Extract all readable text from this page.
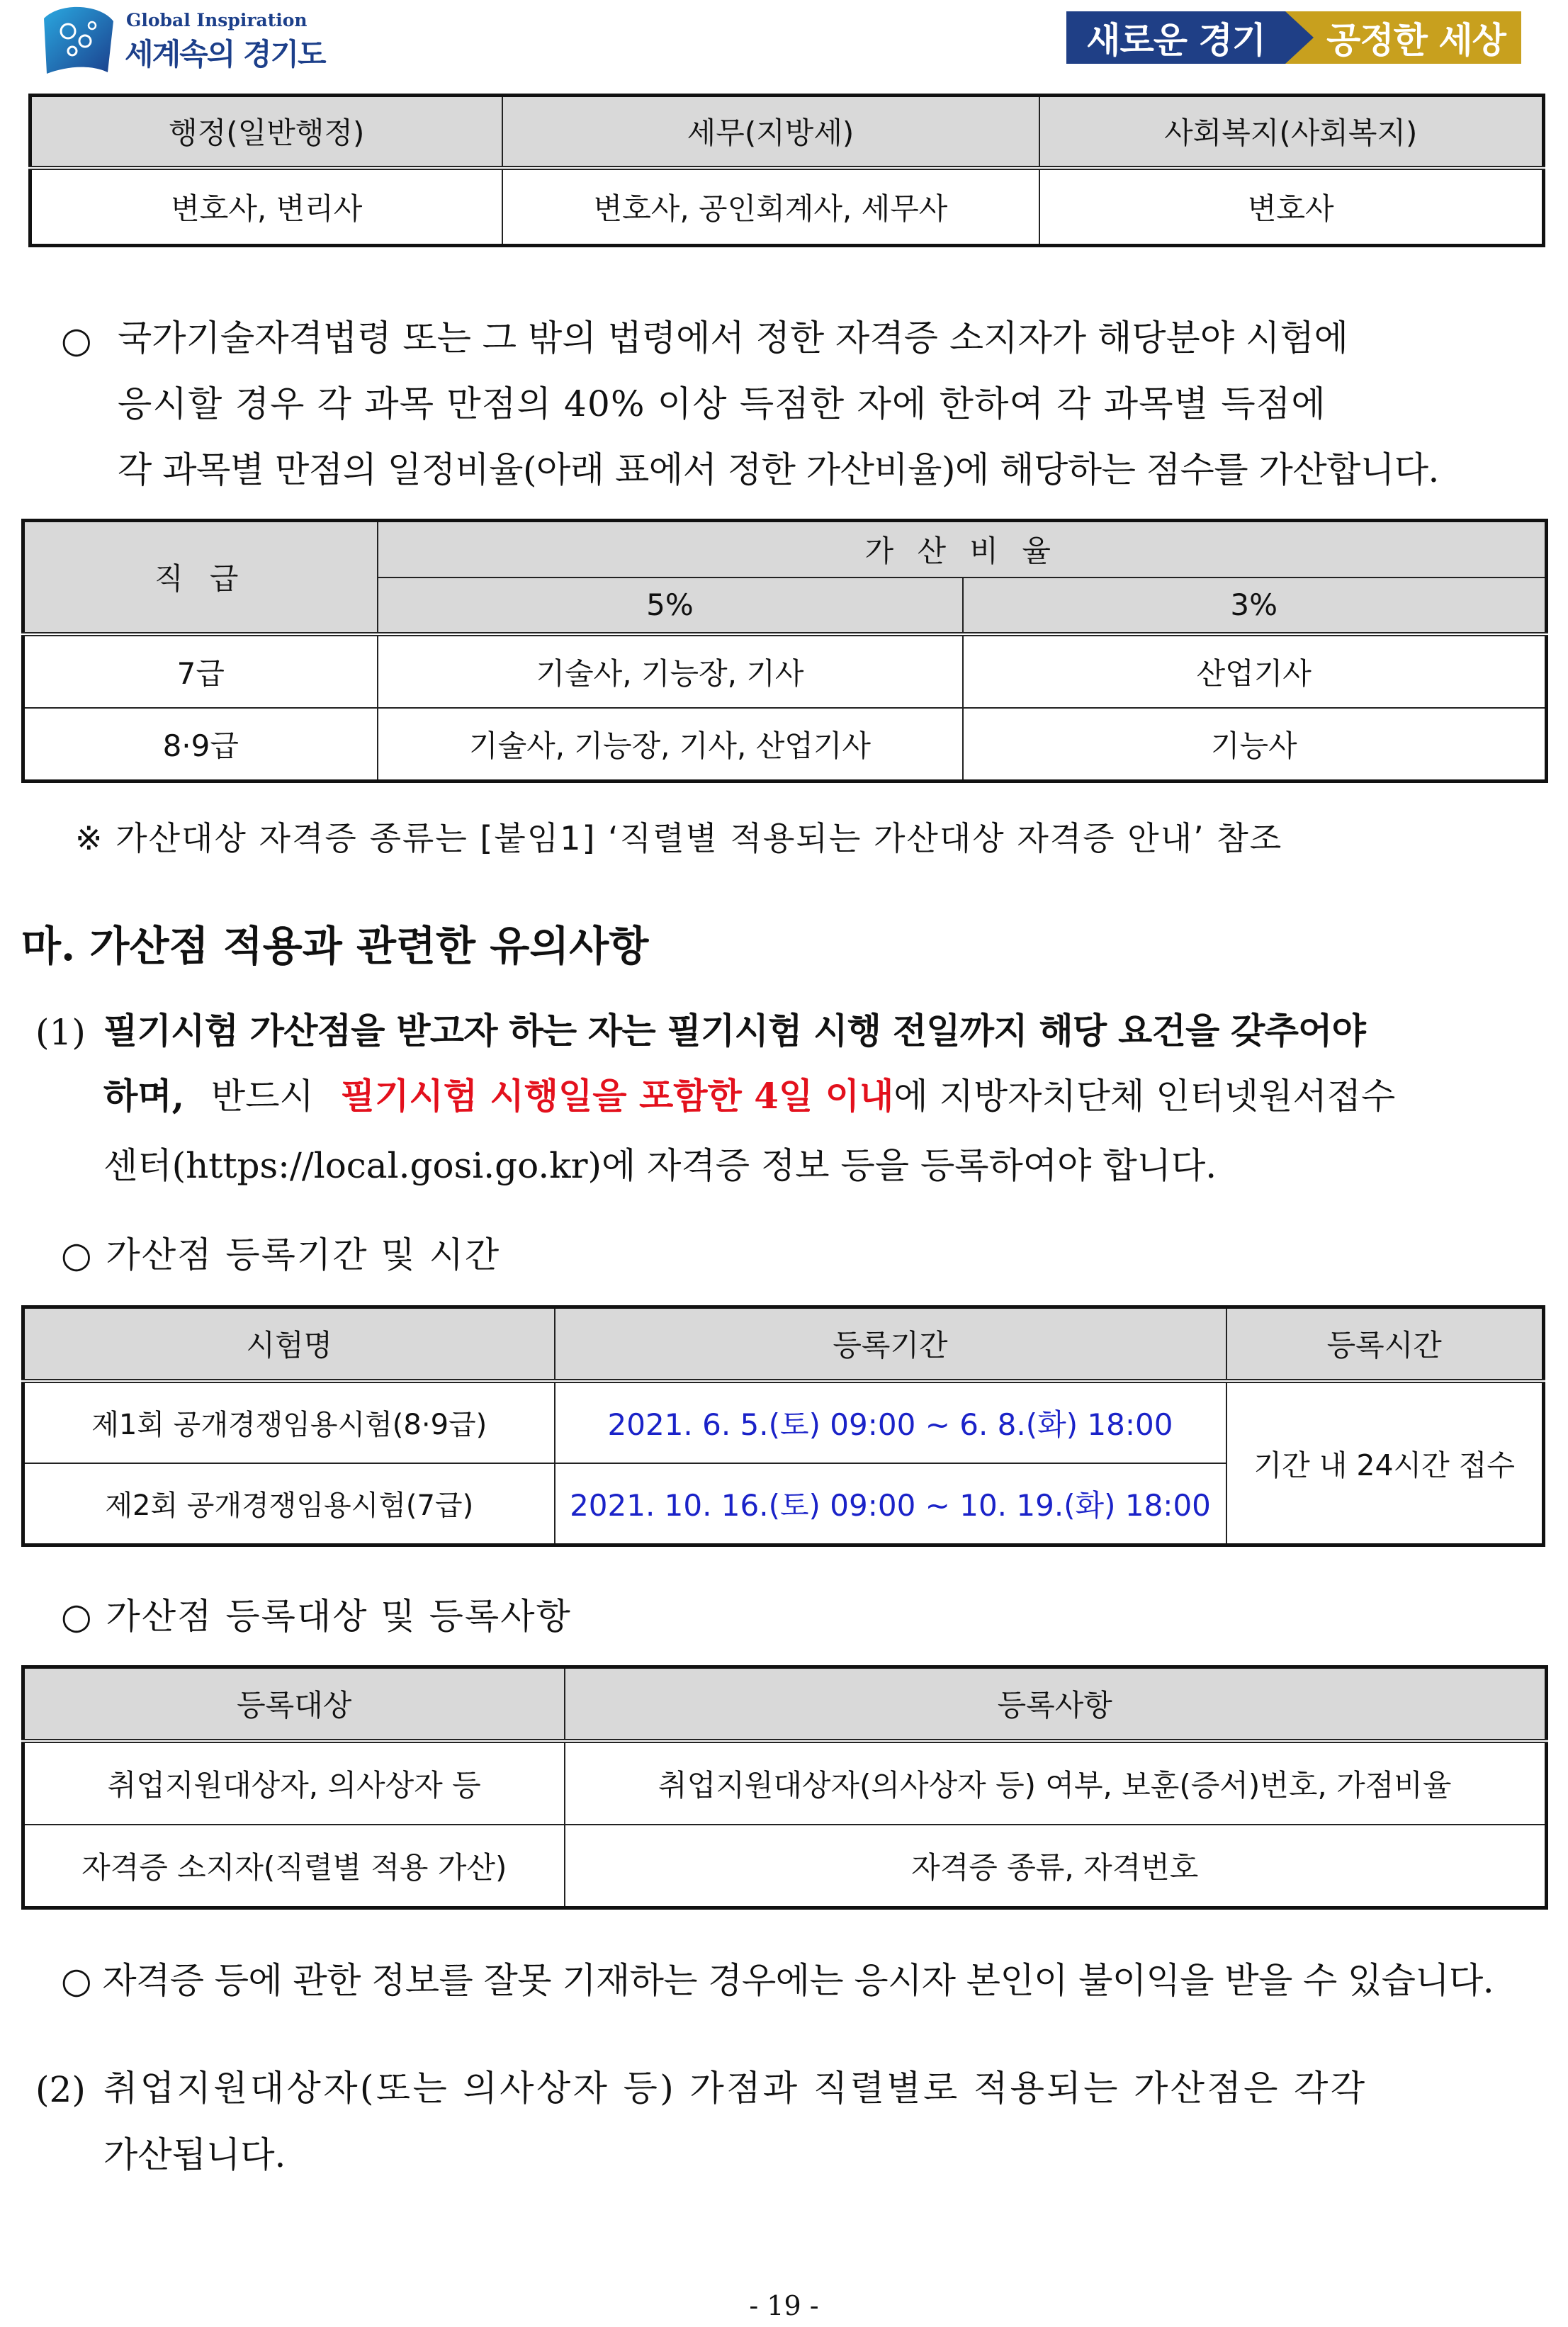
Global Inspiration
세계속의 경기도	새로운 경기	공정한 세상
행정(일반행정)	세무(지방세)	사회복지(사회복지)
변호사, 변리사	변호사, 공인회계사, 세무사	변호사
○ 국가기술자격법령 또는 그 밖의 법령에서 정한 자격증 소지자가 해당분야 시험에
응시할 경우 각 과목 만점의 40% 이상 득점한 자에 한하여 각 과목별 득점에
각 과목별 만점의 일정비율(아래 표에서 정한 가산비율)에 해당하는 점수를 가산합니다.
직 급	가 산 비 율	
	5%	3%
7급	기술사, 기능장, 기사	산업기사
8·9급	기술사, 기능장, 기사, 산업기사	기능사
※ 가산대상 자격증 종류는 [붙임1] ‘직렬별 적용되는 가산대상 자격증 안내’ 참조
마. 가산점 적용과 관련한 유의사항
(1) 필기시험 가산점을 받고자 하는 자는 필기시험 시행 전일까지 해당 요건을 갖추어야
하며, 반드시 필기시험 시행일을 포함한 4일 이내에 지방자치단체 인터넷원서접수
센터(https://local.gosi.go.kr)에 자격증 정보 등을 등록하여야 합니다.
○ 가산점 등록기간 및 시간
시험명	등록기간	등록시간
제1회 공개경쟁임용시험(8·9급)	2021. 6. 5.(토) 09:00 ~ 6. 8.(화) 18:00	기간 내 24시간 접수
제2회 공개경쟁임용시험(7급)	2021. 10. 16.(토) 09:00 ~ 10. 19.(화) 18:00	
○ 가산점 등록대상 및 등록사항
등록대상	등록사항
취업지원대상자, 의사상자 등	취업지원대상자(의사상자 등) 여부, 보훈(증서)번호, 가점비율
자격증 소지자(직렬별 적용 가산)	자격증 종류, 자격번호
○ 자격증 등에 관한 정보를 잘못 기재하는 경우에는 응시자 본인이 불이익을 받을 수 있습니다.
(2) 취업지원대상자(또는 의사상자 등) 가점과 직렬별로 적용되는 가산점은 각각
가산됩니다.
- 19 -
